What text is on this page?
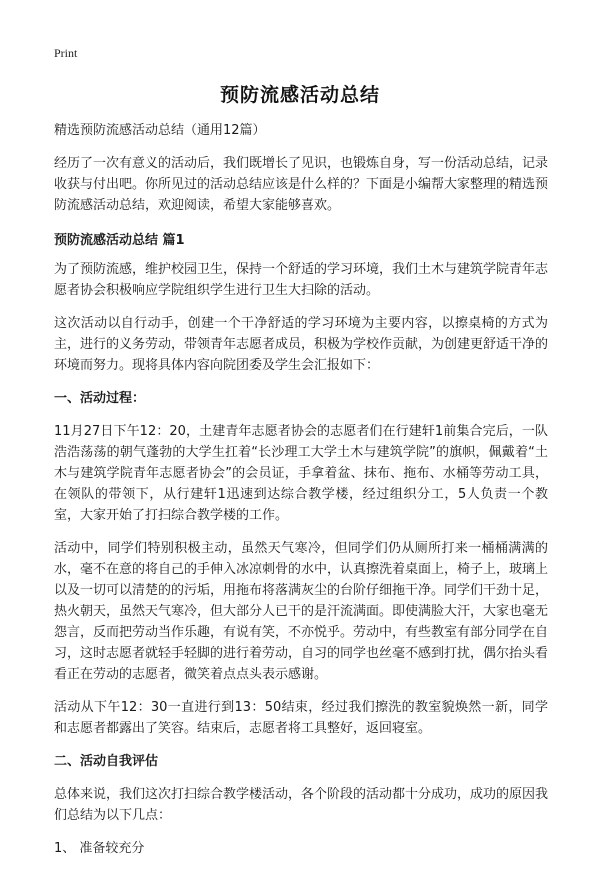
Print
预防流感活动总结

精选预防流感活动总结（通用12篇）

经历了一次有意义的活动后，我们既增长了见识，也锻炼自身，写一份活动总结，记录收获与付出吧。你所见过的活动总结应该是什么样的？下面是小编帮大家整理的精选预防流感活动总结，欢迎阅读，希望大家能够喜欢。

预防流感活动总结 篇1

为了预防流感，维护校园卫生，保持一个舒适的学习环境，我们土木与建筑学院青年志愿者协会积极响应学院组织学生进行卫生大扫除的活动。

这次活动以自行动手，创建一个干净舒适的学习环境为主要内容，以擦桌椅的方式为主，进行的义务劳动，带领青年志愿者成员，积极为学校作贡献，为创建更舒适干净的环境而努力。现将具体内容向院团委及学生会汇报如下：

一、活动过程：

11月27日下午12：20，土建青年志愿者协会的志愿者们在行建轩1前集合完后，一队浩浩荡荡的朝气蓬勃的大学生扛着“长沙理工大学土木与建筑学院”的旗帜，佩戴着“土木与建筑学院青年志愿者协会”的会员证，手拿着盆、抹布、拖布、水桶等劳动工具，在领队的带领下，从行建轩1迅速到达综合教学楼，经过组织分工，5人负责一个教室，大家开始了打扫综合教学楼的工作。

活动中，同学们特别积极主动，虽然天气寒冷，但同学们仍从厕所打来一桶桶满满的水，毫不在意的将自己的手伸入冰凉刺骨的水中，认真擦洗着桌面上，椅子上，玻璃上以及一切可以清楚的的污垢，用拖布将落满灰尘的台阶仔细拖干净。同学们干劲十足，热火朝天，虽然天气寒冷，但大部分人已干的是汗流满面。即使满脸大汗，大家也毫无怨言，反而把劳动当作乐趣，有说有笑，不亦悦乎。劳动中，有些教室有部分同学在自习，这时志愿者就轻手轻脚的进行着劳动，自习的同学也丝毫不感到打扰，偶尔抬头看看正在劳动的志愿者，微笑着点点头表示感谢。

活动从下午12：30一直进行到13：50结束，经过我们擦洗的教室貌焕然一新，同学和志愿者都露出了笑容。结束后，志愿者将工具整好，返回寝室。

二、活动自我评估

总体来说，我们这次打扫综合教学楼活动，各个阶段的活动都十分成功，成功的原因我们总结为以下几点：

1、 准备较充分
